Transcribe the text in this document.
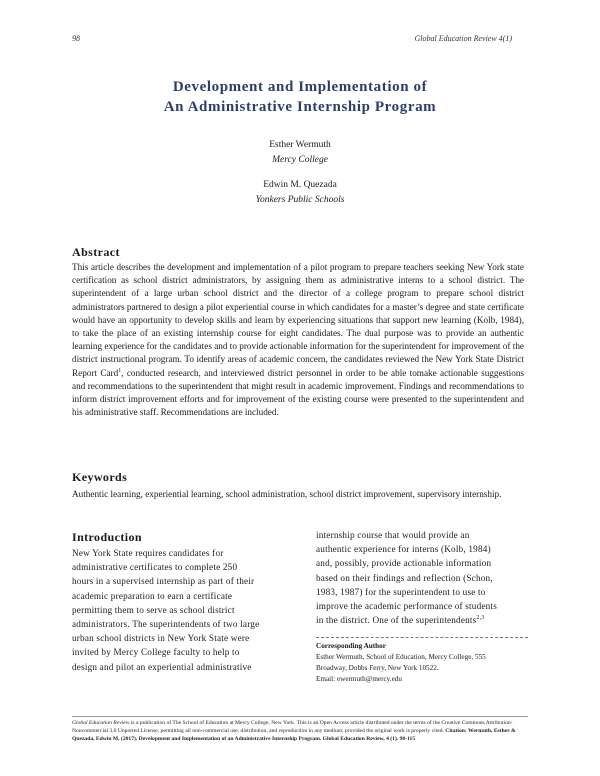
98	Global Education Review 4(1)
Development and Implementation of
An Administrative Internship Program
Esther Wermuth
Mercy College
Edwin M. Quezada
Yonkers Public Schools
Abstract
This article describes the development and implementation of a pilot program to prepare teachers seeking New York state certification as school district administrators, by assigning them as administrative interns to a school district. The superintendent of a large urban school district and the director of a college program to prepare school district administrators partnered to design a pilot experiential course in which candidates for a master’s degree and state certificate would have an opportunity to develop skills and learn by experiencing situations that support new learning (Kolb, 1984), to take the place of an existing internship course for eight candidates. The dual purpose was to provide an authentic learning experience for the candidates and to provide actionable information for the superintendent for improvement of the district instructional program. To identify areas of academic concern, the candidates reviewed the New York State District Report Card$^1$, conducted research, and interviewed district personnel in order to be able tomake actionable suggestions and recommendations to the superintendent that might result in academic improvement. Findings and recommendations to inform district improvement efforts and for improvement of the existing course were presented to the superintendent and his administrative staff. Recommendations are included.
Keywords
Authentic learning, experiential learning, school administration, school district improvement, supervisory internship.
Introduction
New York State requires candidates for
administrative certificates to complete 250
hours in a supervised internship as part of their
academic preparation to earn a certificate
permitting them to serve as school district
administrators. The superintendents of two large
urban school districts in New York State were
invited by Mercy College faculty to help to
design and pilot an experiential administrative
internship course that would provide an
authentic experience for interns (Kolb, 1984)
and, possibly, provide actionable information
based on their findings and reflection (Schon,
1983, 1987) for the superintendent to use to
improve the academic performance of students
in the district. One of the superintendents$^{2,3}$
Corresponding Author
Esther Wermuth, School of Education, Mercy College, 555
Broadway, Dobbs Ferry, New York 10522.
Email: ewermuth@mercy.edu
Global Education Review is a publication of The School of Education at Mercy College, New York. This is an Open Access article distributed under the terms of the Creative Commons Attribution-Noncommercial 3.0 Unported License, permitting all non-commercial use, distribution, and reproduction in any medium, provided the original work is properly cited. Citation: Wermuth, Esther & Quezada, Edwin M. (2017). Development and Implementation of an Administrative Internship Program. Global Education Review, 4 (1). 98-115
